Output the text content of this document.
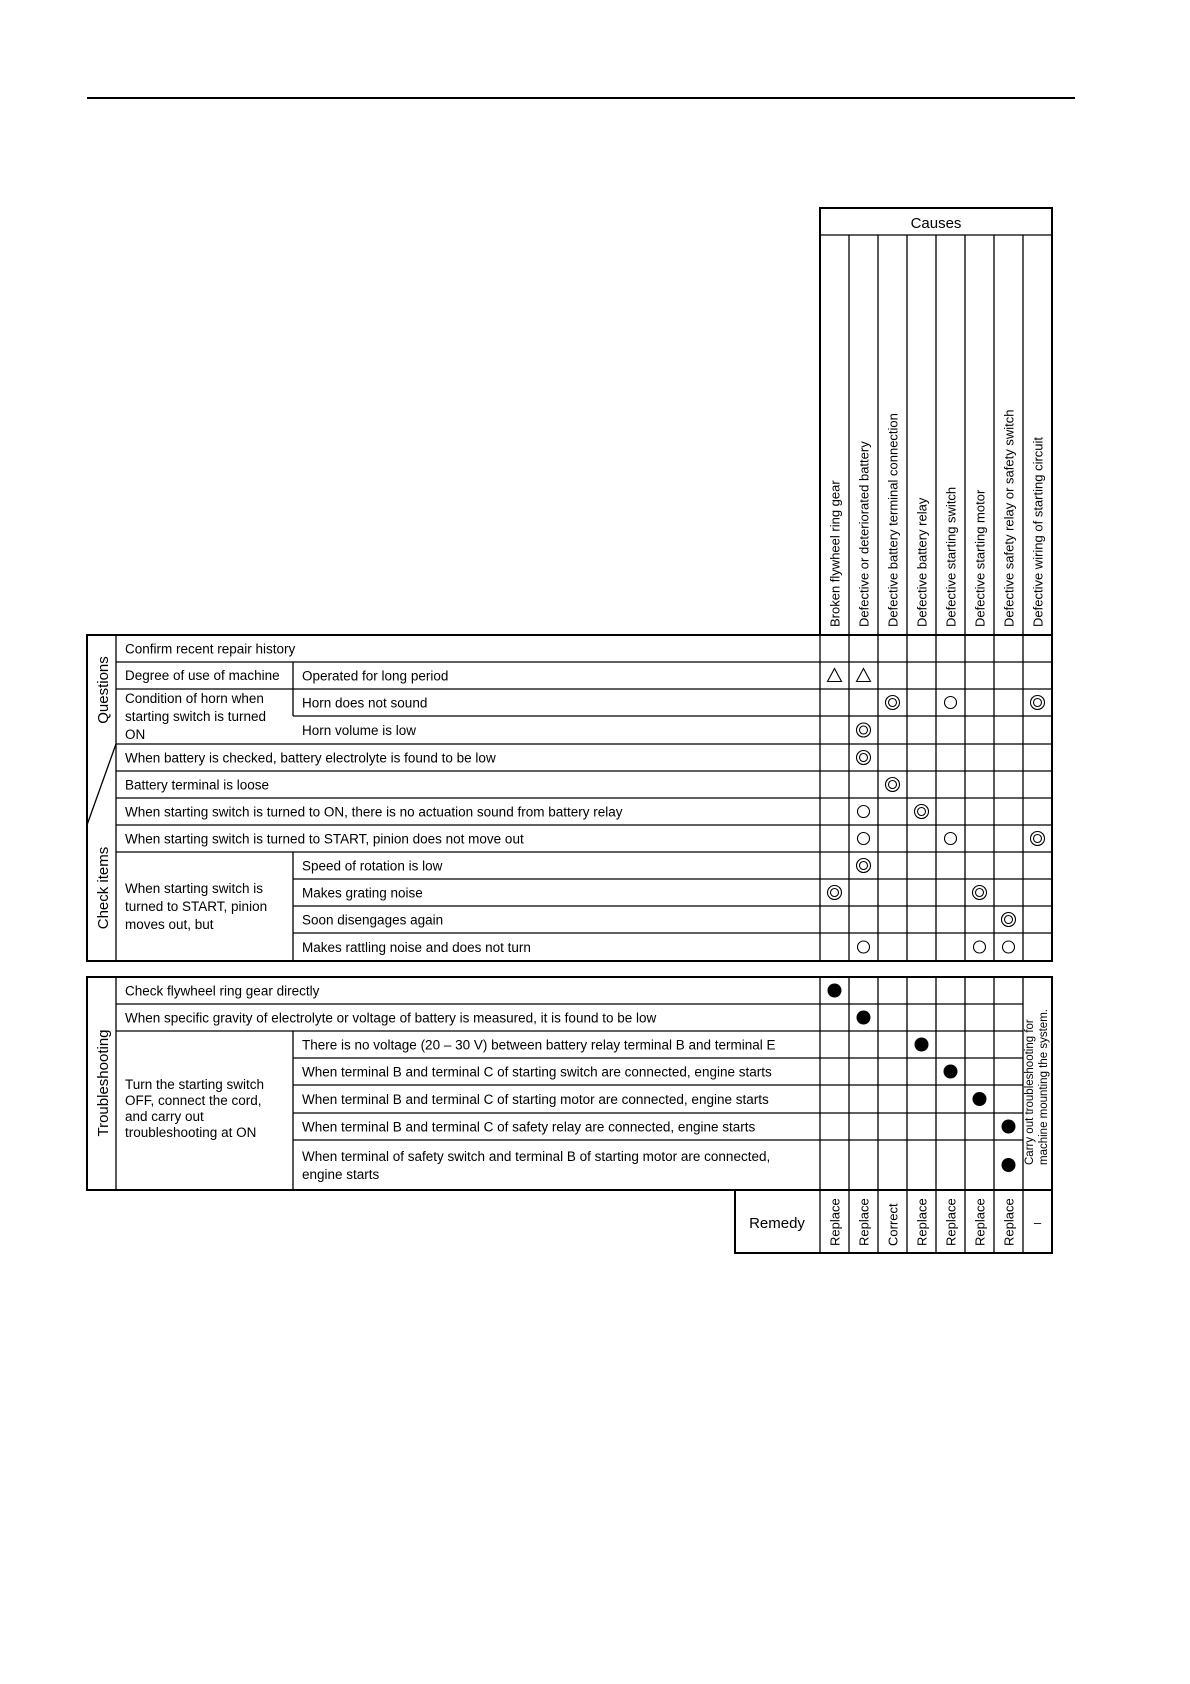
Causes
Broken flywheel ring gear Defective or deteriorated battery Defective battery terminal connection Defective battery relay Defective starting switch Defective starting motor Defective safety relay or safety switch Defective wiring of starting circuit
Questions
Check items
Degree of use of machine
Condition of horn when
starting switch is turned
ON
When starting switch is
turned to START, pinion
moves out, but
Confirm recent repair history
Operated for long period
Horn does not sound
Horn volume is low
When battery is checked, battery electrolyte is found to be low
Battery terminal is loose
When starting switch is turned to ON, there is no actuation sound from battery relay
When starting switch is turned to START, pinion does not move out
Speed of rotation is low
Makes grating noise
Soon disengages again
Makes rattling noise and does not turn
Troubleshooting Turn the starting switch
OFF, connect the cord,
and carry out
troubleshooting at ON
Check flywheel ring gear directly
When specific gravity of electrolyte or voltage of battery is measured, it is found to be low
There is no voltage (20 – 30 V) between battery relay terminal B and terminal E
When terminal B and terminal C of starting switch are connected, engine starts
When terminal B and terminal C of starting motor are connected, engine starts
When terminal B and terminal C of safety relay are connected, engine starts
When terminal of safety switch and terminal B of starting motor are connected,
engine starts
Carry out troubleshooting for machine mounting the system.
Remedy Replace Replace Correct Replace Replace Replace Replace –
